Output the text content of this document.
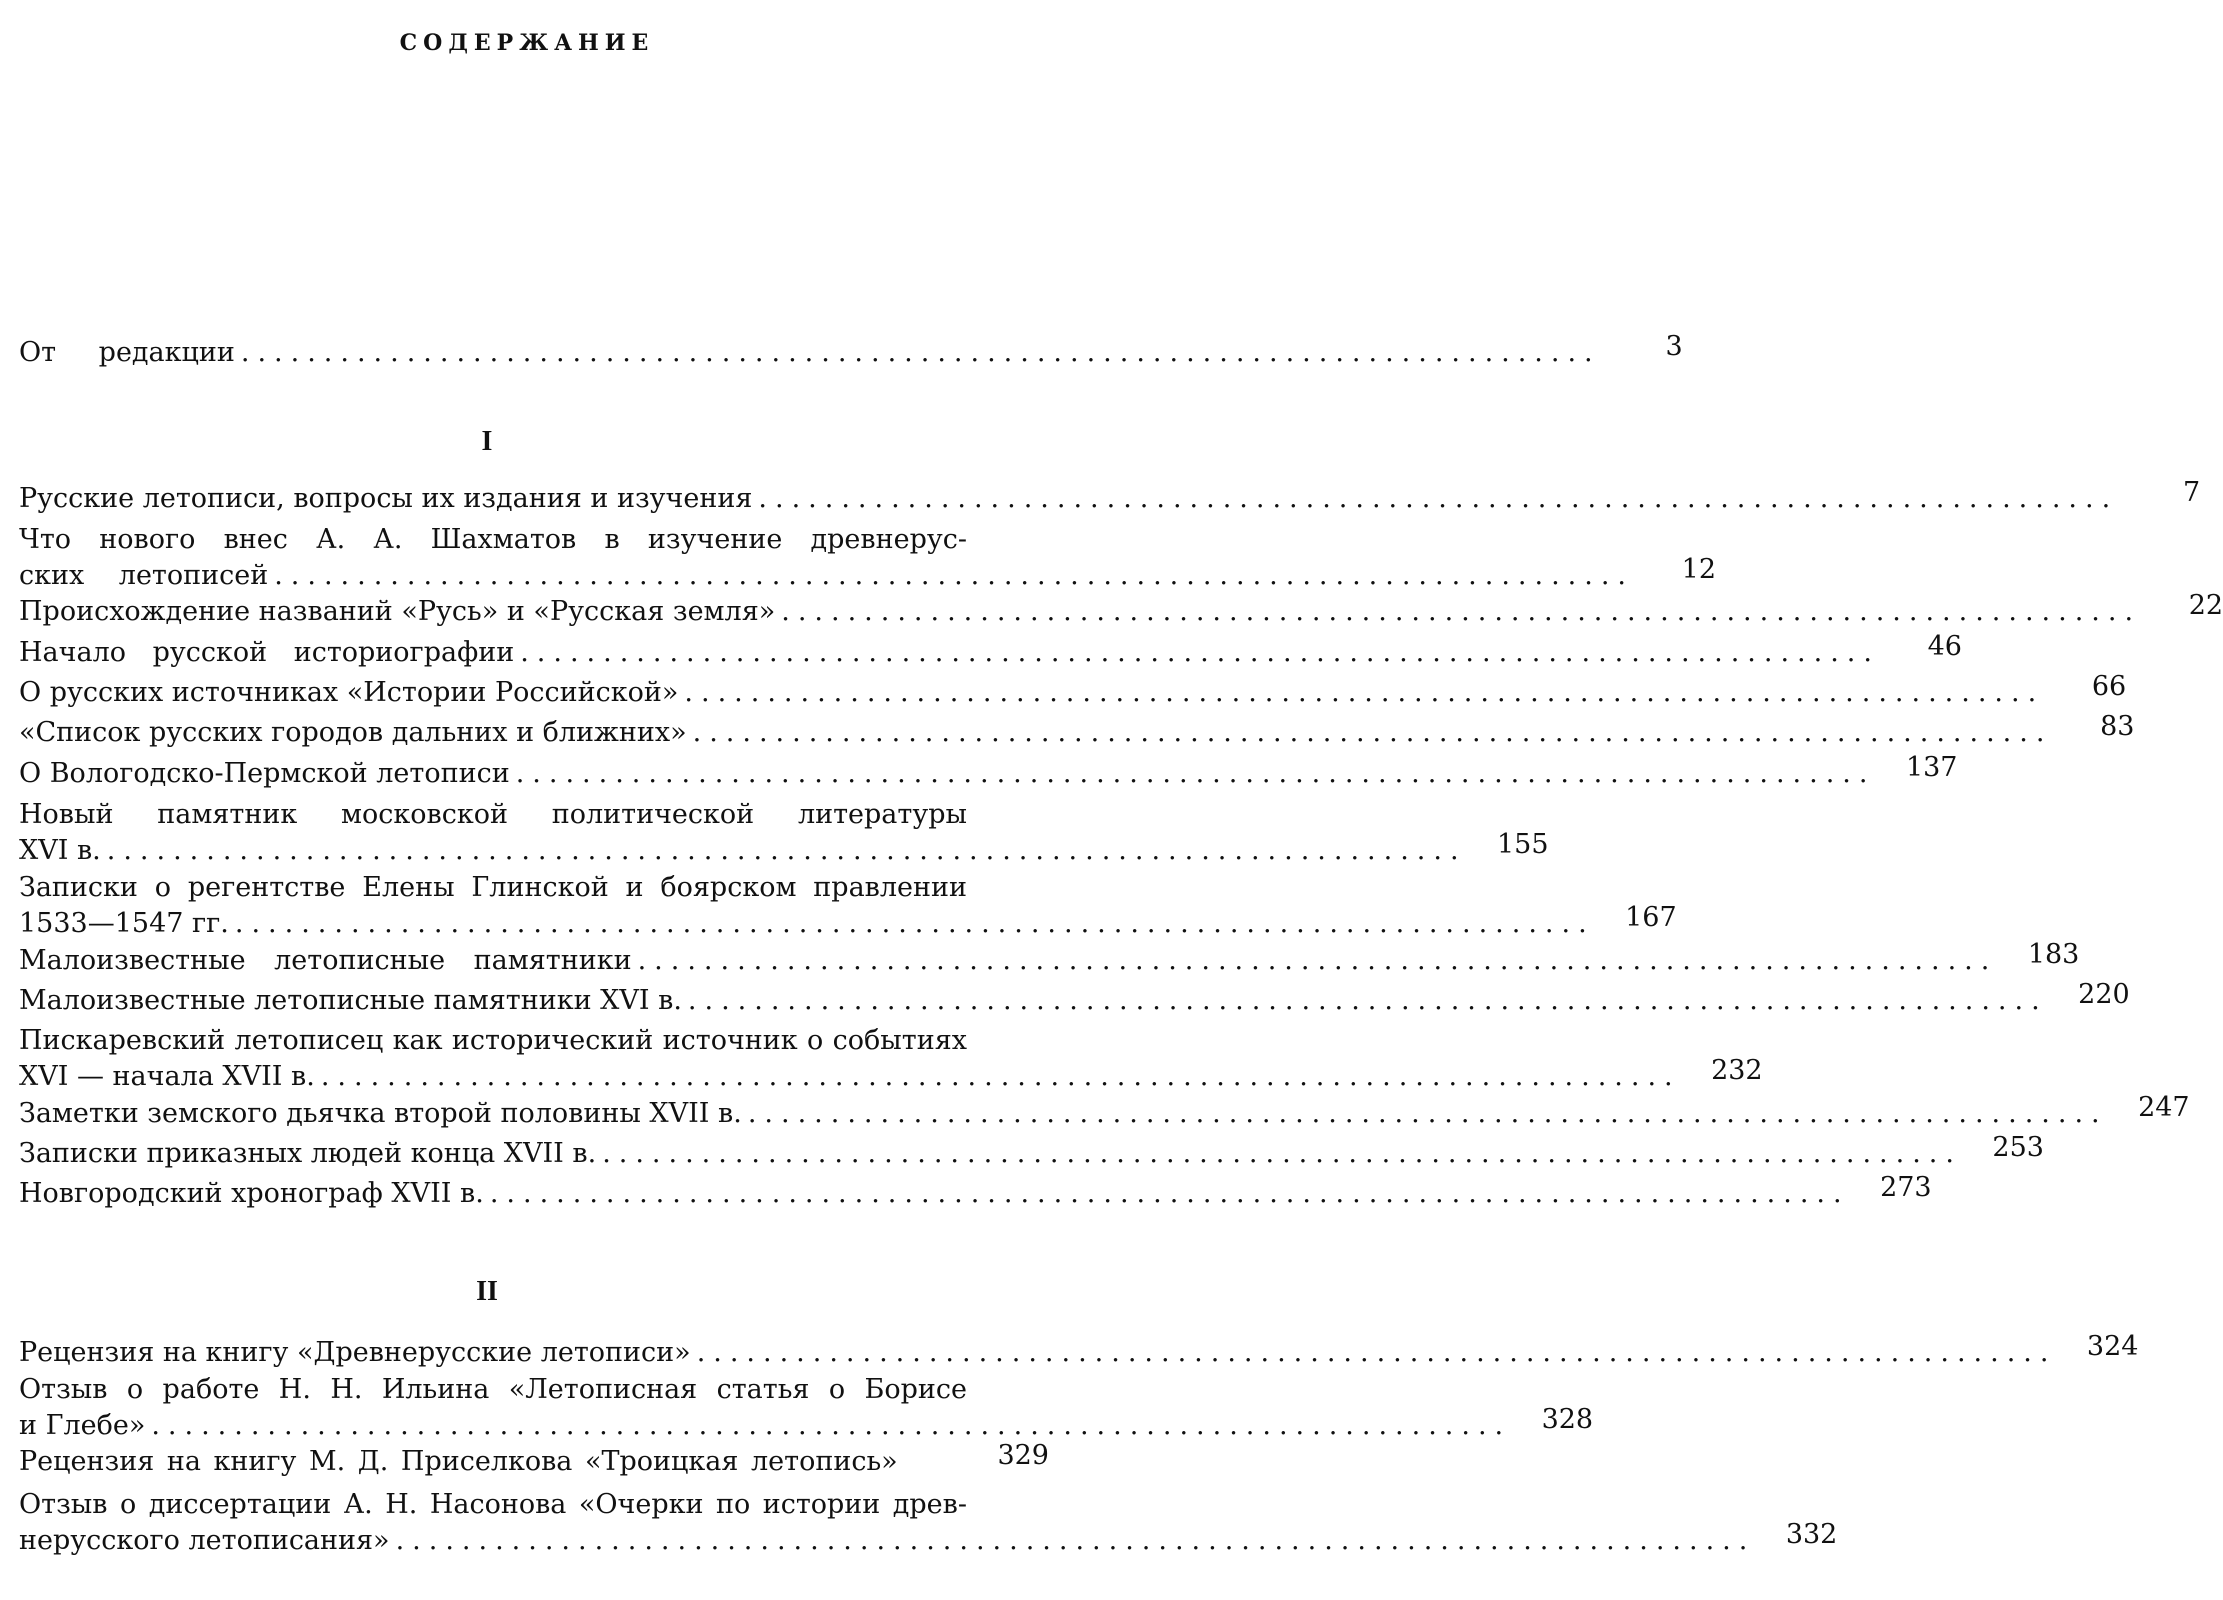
СОДЕРЖАНИЕ
От редакции ..................................................................................	3
I
Русские летописи, вопросы их издания и изучения ..................................................................................	7
Что нового внес А. А. Шахматов в изучение древнерус-
ских летописей ..................................................................................	12
Происхождение названий «Русь» и «Русская земля» ..................................................................................	22
Начало русской историографии ..................................................................................	46
О русских источниках «Истории Российской» ..................................................................................	66
«Список русских городов дальних и ближних» ..................................................................................	83
О Вологодско-Пермской летописи ..................................................................................	137
Новый памятник московской политической литературы
XVI в. ..................................................................................	155
Записки о регентстве Елены Глинской и боярском правлении
1533—1547 гг. ..................................................................................	167
Малоизвестные летописные памятники ..................................................................................	183
Малоизвестные летописные памятники XVI в. ..................................................................................	220
Пискаревский летописец как исторический источник о событиях
XVI — начала XVII в. ..................................................................................	232
Заметки земского дьячка второй половины XVII в. ..................................................................................	247
Записки приказных людей конца XVII в. ..................................................................................	253
Новгородский хронограф XVII в. ..................................................................................	273
II
Рецензия на книгу «Древнерусские летописи» ..................................................................................	324
Отзыв о работе Н. Н. Ильина «Летописная статья о Борисе
и Глебе» ..................................................................................	328
Рецензия на книгу М. Д. Приселкова «Троицкая летопись»	329
Отзыв о диссертации А. Н. Насонова «Очерки по истории древ-
нерусского летописания» ..................................................................................	332
